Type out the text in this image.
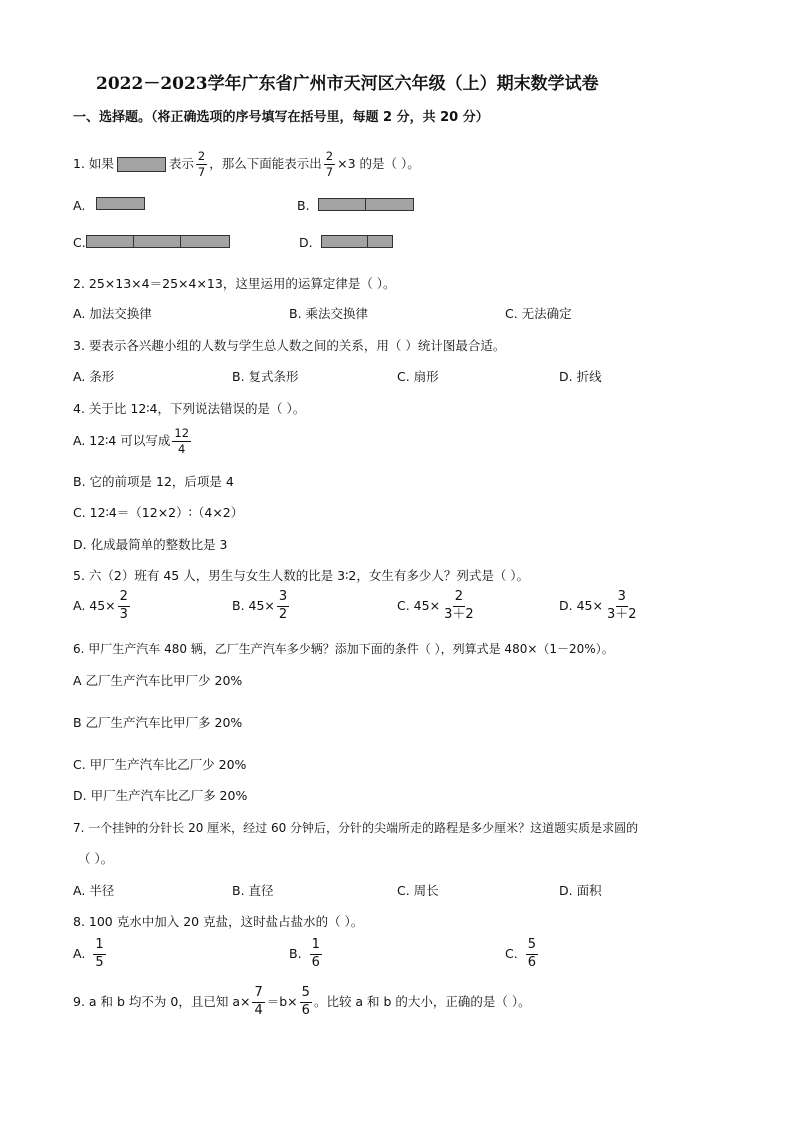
2022－2023学年广东省广州市天河区六年级（上）期末数学试卷
一、选择题。（将正确选项的序号填写在括号里，每题 2 分，共 20 分）
1. 如果	表示 $\frac{2}{7}$ ，那么下面能表示出 $\frac{2}{7} \times 3$ 的是（ ）。
A.	B.
C.	D.
2. 25×13×4＝25×4×13，这里运用的运算定律是（ ）。
A. 加法交换律	B. 乘法交换律	C. 无法确定
3. 要表示各兴趣小组的人数与学生总人数之间的关系，用（ ）统计图最合适。
A. 条形	B. 复式条形	C. 扇形	D. 折线
4. 关于比 12∶4，下列说法错误的是（ ）。
A. 12∶4 可以写成 $\frac{12}{4}$
B. 它的前项是 12，后项是 4
C. 12∶4＝（12×2）∶（4×2）
D. 化成最简单的整数比是 3
5. 六（2）班有 45 人，男生与女生人数的比是 3∶2，女生有多少人？列式是（ ）。
A. $45\times \frac{2}{3}$	B. $45\times \frac{3}{2}$	C. $45\times \frac{2}{3+2}$	D. $45\times \frac{3}{3+2}$
6. 甲厂生产汽车 480 辆，乙厂生产汽车多少辆？添加下面的条件（ ），列算式是 480×（1－20%）。
A 乙厂生产汽车比甲厂少 20%
B 乙厂生产汽车比甲厂多 20%
C. 甲厂生产汽车比乙厂少 20%
D. 甲厂生产汽车比乙厂多 20%
7. 一个挂钟的分针长 20 厘米，经过 60 分钟后，分针的尖端所走的路程是多少厘米？这道题实质是求圆的
（ ）。
A. 半径	B. 直径	C. 周长	D. 面积
8. 100 克水中加入 20 克盐，这时盐占盐水的（ ）。
A. $\frac{1}{5}$	B. $\frac{1}{6}$	C. $\frac{5}{6}$
9. a 和 b 均不为 0，且已知 $a\times \frac{7}{4} =b\times \frac{5}{6}$ 。比较 a 和 b 的大小，正确的是（ ）。
